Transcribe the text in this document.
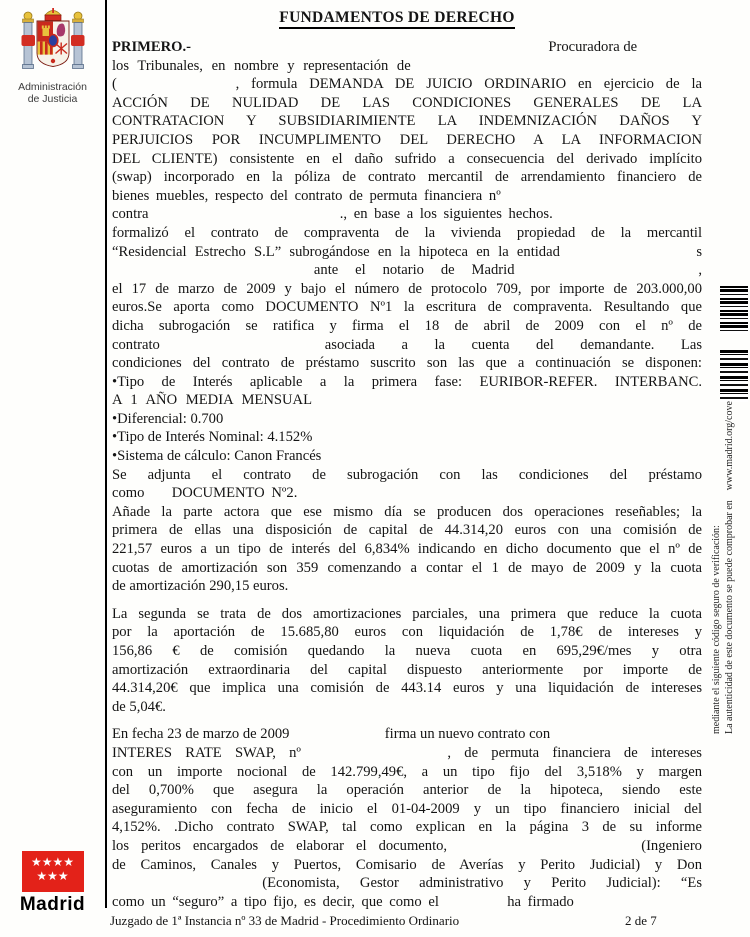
Administración
de Justicia
★★★★
★★★
Madrid
FUNDAMENTOS DE DERECHO
PRIMERO.-	Procuradora de
los Tribunales, en nombre y representación de
(	, formula DEMANDA DE JUICIO ORDINARIO en ejercicio de la
ACCIÓN DE NULIDAD DE LAS CONDICIONES GENERALES DE LA
CONTRATACION Y SUBSIDIARIMIENTE LA INDEMNIZACIÓN DAÑOS Y
PERJUICIOS POR INCUMPLIMENTO DEL DERECHO A LA INFORMACION
DEL CLIENTE) consistente en el daño sufrido a consecuencia del derivado implícito
(swap) incorporado en la póliza de contrato mercantil de arrendamiento financiero de
bienes muebles, respecto del contrato de permuta financiera nº
contra	., en base a los siguientes hechos.
formalizó el contrato de compraventa de la vivienda propiedad de la mercantil
“Residencial Estrecho S.L” subrogándose en la hipoteca en la entidad	s
ante el notario de Madrid	,
el 17 de marzo de 2009 y bajo el número de protocolo 709, por importe de 203.000,00
euros.Se aporta como DOCUMENTO Nº1 la escritura de compraventa. Resultando que
dicha subrogación se ratifica y firma el 18 de abril de 2009 con el nº de
contrato	asociada a la cuenta del demandante. Las
condiciones del contrato de préstamo suscrito son las que a continuación se disponen:
•Tipo de Interés aplicable a la primera fase: EURIBOR-REFER. INTERBANC.
A 1 AÑO MEDIA MENSUAL
•Diferencial: 0.700
•Tipo de Interés Nominal: 4.152%
•Sistema de cálculo: Canon Francés
Se adjunta el contrato de subrogación con las condiciones del préstamo
como DOCUMENTO Nº2.
Añade la parte actora que ese mismo día se producen dos operaciones reseñables; la
primera de ellas una disposición de capital de 44.314,20 euros con una comisión de
221,57 euros a un tipo de interés del 6,834% indicando en dicho documento que el nº de
cuotas de amortización son 359 comenzando a contar el 1 de mayo de 2009 y la cuota
de amortización 290,15 euros.
La segunda se trata de dos amortizaciones parciales, una primera que reduce la cuota
por la aportación de 15.685,80 euros con liquidación de 1,78€ de intereses y
156,86 € de comisión quedando la nueva cuota en 695,29€/mes y otra
amortización extraordinaria del capital dispuesto anteriormente por importe de
44.314,20€ que implica una comisión de 443.14 euros y una liquidación de intereses
de 5,04€.
En fecha 23 de marzo de 2009	firma un nuevo contrato con
INTERES RATE SWAP, nº	, de permuta financiera de intereses
con un importe nocional de 142.799,49€, a un tipo fijo del 3,518% y margen
del 0,700% que asegura la operación anterior de la hipoteca, siendo este
aseguramiento con fecha de inicio el 01-04-2009 y un tipo financiero inicial del
4,152%. .Dicho contrato SWAP, tal como explican en la página 3 de su informe
los peritos encargados de elaborar el documento,	(Ingeniero
de Caminos, Canales y Puertos, Comisario de Averías y Perito Judicial) y Don
(Economista, Gestor administrativo y Perito Judicial): “Es
como un “seguro” a tipo fijo, es decir, que como el	ha firmado
Juzgado de 1ª Instancia nº 33 de Madrid - Procedimiento Ordinario	2 de 7
mediante el siguiente código seguro de verificación: La autenticidad de este documento se puede comprobar en    www.madrid.org/cove
